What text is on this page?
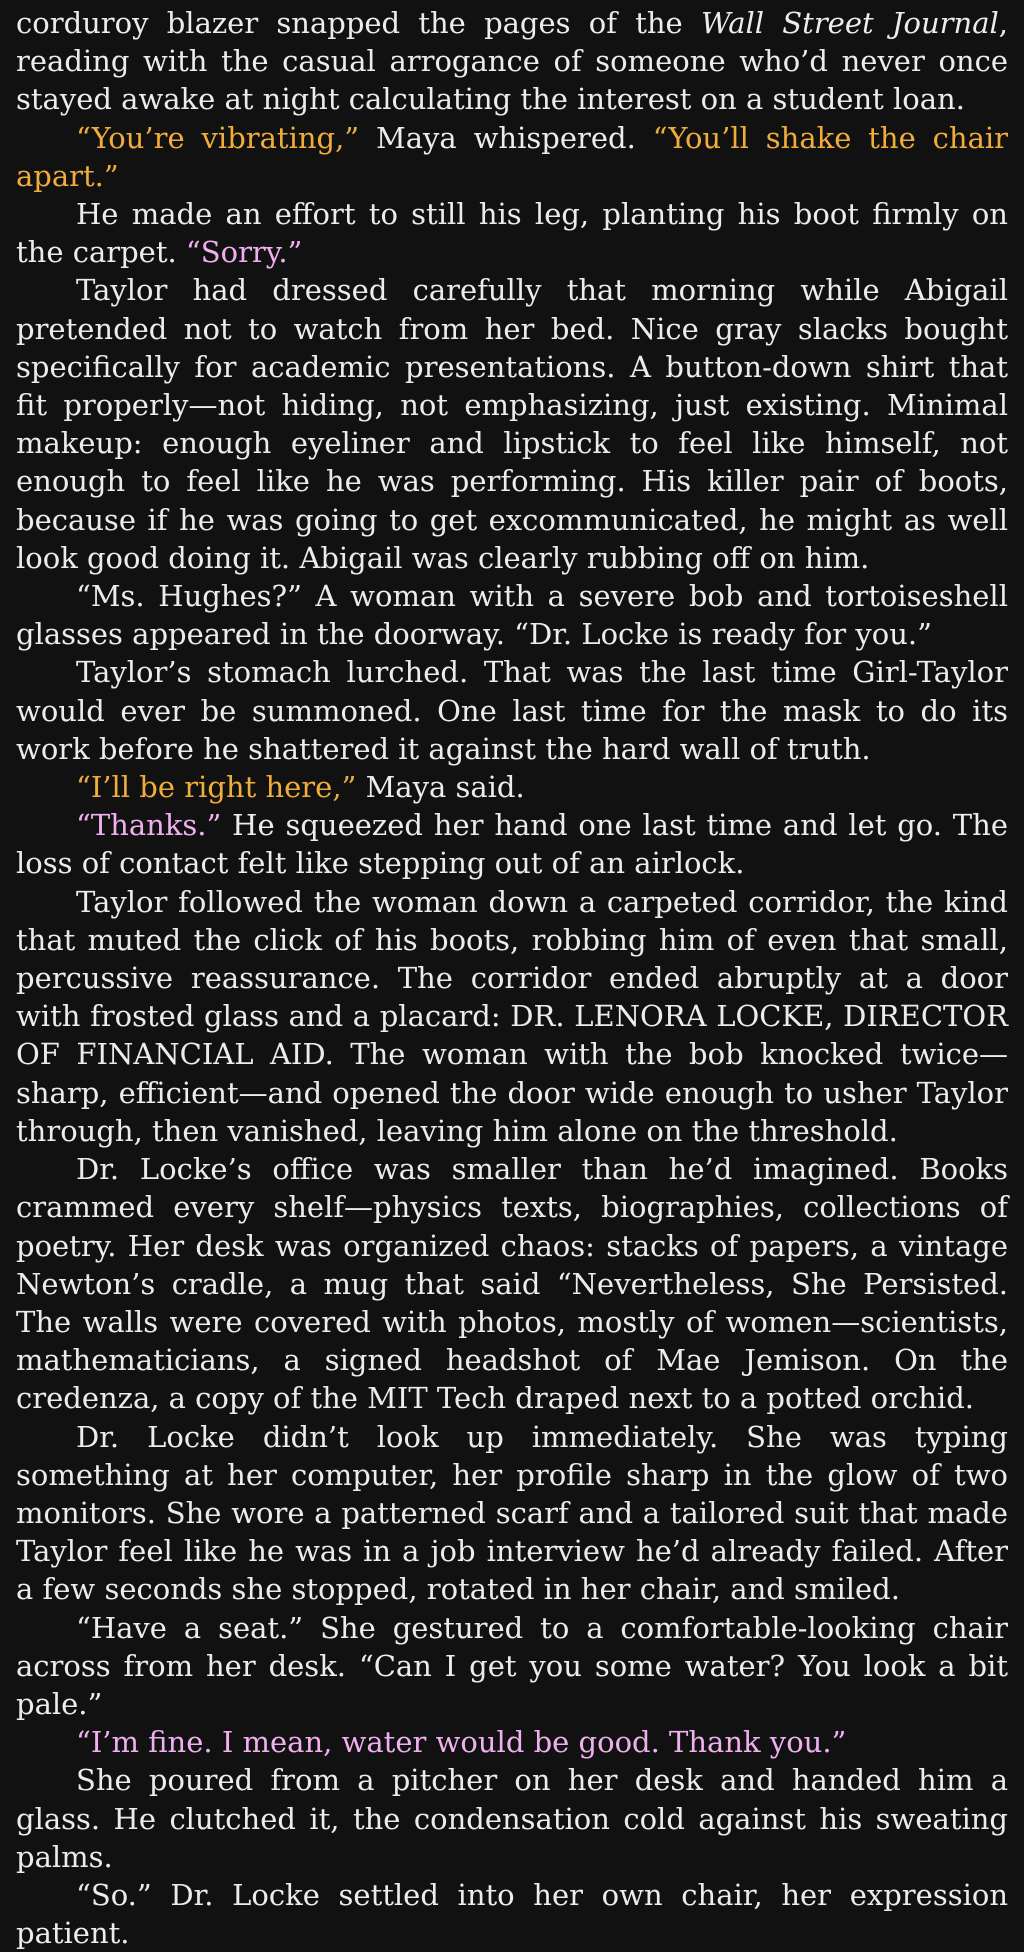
corduroy blazer snapped the pages of the Wall Street Journal, reading with the casual arrogance of someone who’d never once stayed awake at night calculating the interest on a student loan.

“You’re vibrating,” Maya whispered. “You’ll shake the chair apart.”

He made an effort to still his leg, planting his boot firmly on the carpet. “Sorry.”

Taylor had dressed carefully that morning while Abigail pretended not to watch from her bed. Nice gray slacks bought specifically for academic presentations. A button-down shirt that fit properly—not hiding, not emphasizing, just existing. Minimal makeup: enough eyeliner and lipstick to feel like himself, not enough to feel like he was performing. His killer pair of boots, because if he was going to get excommunicated, he might as well look good doing it. Abigail was clearly rubbing off on him.

“Ms. Hughes?” A woman with a severe bob and tortoiseshell glasses appeared in the doorway. “Dr. Locke is ready for you.”

Taylor’s stomach lurched. That was the last time Girl-Taylor would ever be summoned. One last time for the mask to do its work before he shattered it against the hard wall of truth.

“I’ll be right here,” Maya said.

“Thanks.” He squeezed her hand one last time and let go. The loss of contact felt like stepping out of an airlock.

Taylor followed the woman down a carpeted corridor, the kind that muted the click of his boots, robbing him of even that small, percussive reassurance. The corridor ended abruptly at a door with frosted glass and a placard: DR. LENORA LOCKE, DIRECTOR OF FINANCIAL AID. The woman with the bob knocked twice—sharp, efficient—and opened the door wide enough to usher Taylor through, then vanished, leaving him alone on the threshold.

Dr. Locke’s office was smaller than he’d imagined. Books crammed every shelf—physics texts, biographies, collections of poetry. Her desk was organized chaos: stacks of papers, a vintage Newton’s cradle, a mug that said “Nevertheless, She Persisted. The walls were covered with photos, mostly of women—scientists, mathematicians, a signed headshot of Mae Jemison. On the credenza, a copy of the MIT Tech draped next to a potted orchid.

Dr. Locke didn’t look up immediately. She was typing something at her computer, her profile sharp in the glow of two monitors. She wore a patterned scarf and a tailored suit that made Taylor feel like he was in a job interview he’d already failed. After a few seconds she stopped, rotated in her chair, and smiled.

“Have a seat.” She gestured to a comfortable-looking chair across from her desk. “Can I get you some water? You look a bit pale.”

“I’m fine. I mean, water would be good. Thank you.”

She poured from a pitcher on her desk and handed him a glass. He clutched it, the condensation cold against his sweating palms.

“So.” Dr. Locke settled into her own chair, her expression patient.
